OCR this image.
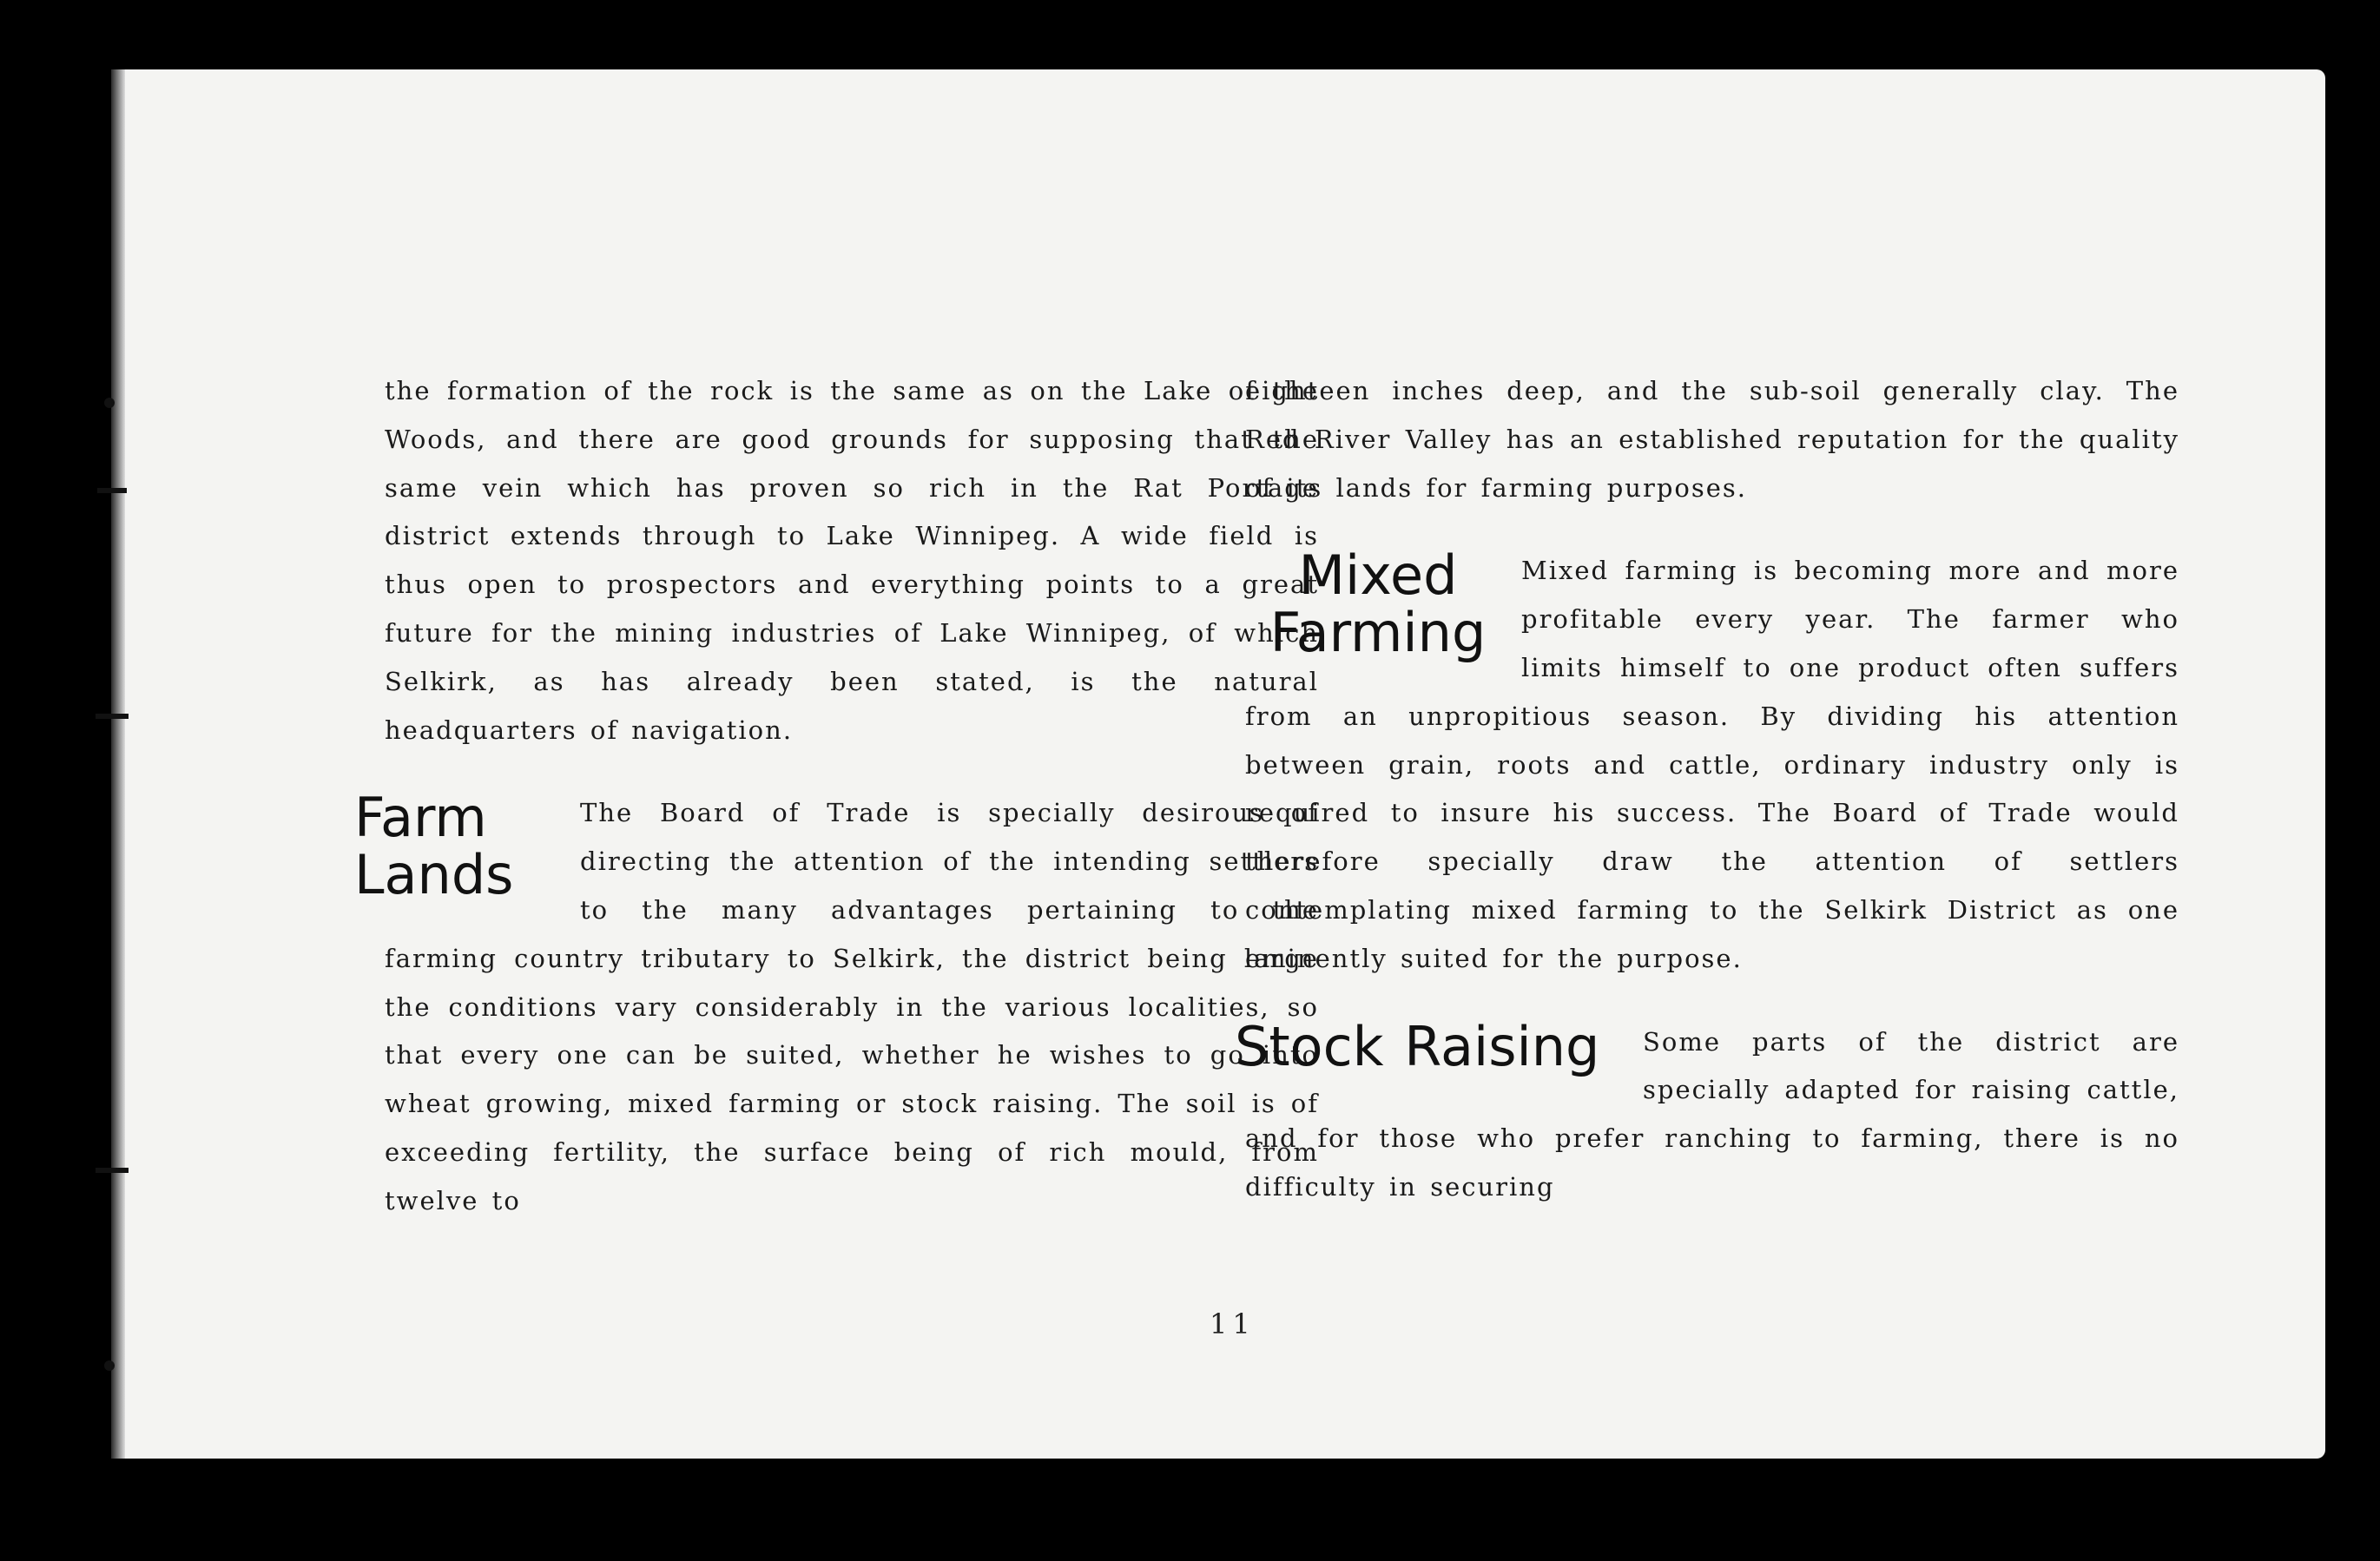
the formation of the rock is the same as on the Lake of the Woods, and there are good grounds for supposing that the same vein which has proven so rich in the Rat Portage district extends through to Lake Winnipeg. A wide field is thus open to prospectors and everything points to a great future for the mining industries of Lake Winnipeg, of which Selkirk, as has already been stated, is the natural headquarters of navigation.

Farm
Lands

The Board of Trade is specially desirous of directing the attention of the intending settlers to the many advantages pertaining to the farming country tributary to Selkirk, the district being large the conditions vary considerably in the various localities, so that every one can be suited, whether he wishes to go into wheat growing, mixed farming or stock raising. The soil is of exceeding fertility, the surface being of rich mould, from twelve to

eighteen inches deep, and the sub-soil generally clay. The Red River Valley has an established reputation for the quality of its lands for farming purposes.

Mixed
Farming

Mixed farming is becoming more and more profitable every year. The farmer who limits himself to one product often suffers from an unpropitious season. By dividing his attention between grain, roots and cattle, ordinary industry only is required to insure his success. The Board of Trade would therefore specially draw the attention of settlers contemplating mixed farming to the Selkirk District as one eminently suited for the purpose.

Stock Raising	Some parts of the district are specially adapted for raising cattle, and for those who prefer ranching to farming, there is no difficulty in securing

11
